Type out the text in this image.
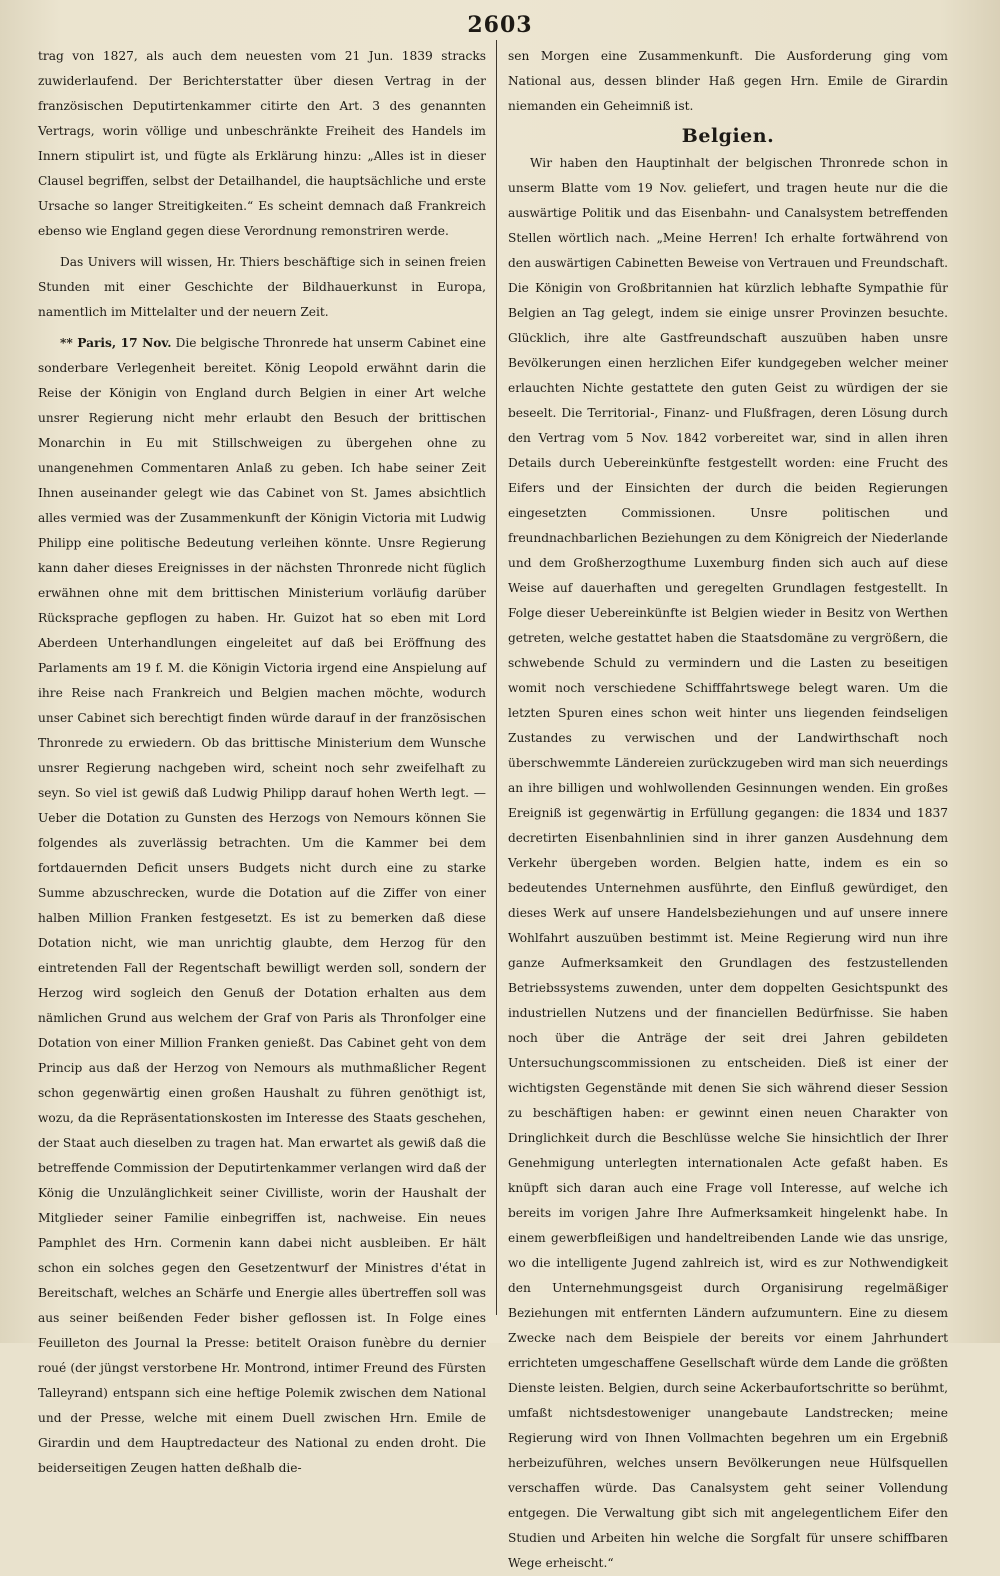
2603

trag von 1827, als auch dem neuesten vom 21 Jun. 1839 stracks zuwiderlaufend. Der Berichterstatter über diesen Vertrag in der französischen Deputirtenkammer citirte den Art. 3 des genannten Vertrags, worin völlige und unbeschränkte Freiheit des Handels im Innern stipulirt ist, und fügte als Erklärung hinzu: „Alles ist in dieser Clausel begriffen, selbst der Detailhandel, die hauptsächliche und erste Ursache so langer Streitigkeiten.“ Es scheint demnach daß Frankreich ebenso wie England gegen diese Verordnung remonstriren werde.

Das Univers will wissen, Hr. Thiers beschäftige sich in seinen freien Stunden mit einer Geschichte der Bildhauerkunst in Europa, namentlich im Mittelalter und der neuern Zeit.

** Paris, 17 Nov. Die belgische Thronrede hat unserm Cabinet eine sonderbare Verlegenheit bereitet. König Leopold erwähnt darin die Reise der Königin von England durch Belgien in einer Art welche unsrer Regierung nicht mehr erlaubt den Besuch der brittischen Monarchin in Eu mit Stillschweigen zu übergehen ohne zu unangenehmen Commentaren Anlaß zu geben. Ich habe seiner Zeit Ihnen auseinander gelegt wie das Cabinet von St. James absichtlich alles vermied was der Zusammenkunft der Königin Victoria mit Ludwig Philipp eine politische Bedeutung verleihen könnte. Unsre Regierung kann daher dieses Ereignisses in der nächsten Thronrede nicht füglich erwähnen ohne mit dem brittischen Ministerium vorläufig darüber Rücksprache gepflogen zu haben. Hr. Guizot hat so eben mit Lord Aberdeen Unterhandlungen eingeleitet auf daß bei Eröffnung des Parlaments am 19 f. M. die Königin Victoria irgend eine Anspielung auf ihre Reise nach Frankreich und Belgien machen möchte, wodurch unser Cabinet sich berechtigt finden würde darauf in der französischen Thronrede zu erwiedern. Ob das brittische Ministerium dem Wunsche unsrer Regierung nachgeben wird, scheint noch sehr zweifelhaft zu seyn. So viel ist gewiß daß Ludwig Philipp darauf hohen Werth legt. — Ueber die Dotation zu Gunsten des Herzogs von Nemours können Sie folgendes als zuverlässig betrachten. Um die Kammer bei dem fortdauernden Deficit unsers Budgets nicht durch eine zu starke Summe abzuschrecken, wurde die Dotation auf die Ziffer von einer halben Million Franken festgesetzt. Es ist zu bemerken daß diese Dotation nicht, wie man unrichtig glaubte, dem Herzog für den eintretenden Fall der Regentschaft bewilligt werden soll, sondern der Herzog wird sogleich den Genuß der Dotation erhalten aus dem nämlichen Grund aus welchem der Graf von Paris als Thronfolger eine Dotation von einer Million Franken genießt. Das Cabinet geht von dem Princip aus daß der Herzog von Nemours als muthmaßlicher Regent schon gegenwärtig einen großen Haushalt zu führen genöthigt ist, wozu, da die Repräsentationskosten im Interesse des Staats geschehen, der Staat auch dieselben zu tragen hat. Man erwartet als gewiß daß die betreffende Commission der Deputirtenkammer verlangen wird daß der König die Unzulänglichkeit seiner Civilliste, worin der Haushalt der Mitglieder seiner Familie einbegriffen ist, nachweise. Ein neues Pamphlet des Hrn. Cormenin kann dabei nicht ausbleiben. Er hält schon ein solches gegen den Gesetzentwurf der Ministres d'état in Bereitschaft, welches an Schärfe und Energie alles übertreffen soll was aus seiner beißenden Feder bisher geflossen ist. In Folge eines Feuilleton des Journal la Presse: betitelt Oraison funèbre du dernier roué (der jüngst verstorbene Hr. Montrond, intimer Freund des Fürsten Talleyrand) entspann sich eine heftige Polemik zwischen dem National und der Presse, welche mit einem Duell zwischen Hrn. Emile de Girardin und dem Hauptredacteur des National zu enden droht. Die beiderseitigen Zeugen hatten deßhalb die-

sen Morgen eine Zusammenkunft. Die Ausforderung ging vom National aus, dessen blinder Haß gegen Hrn. Emile de Girardin niemanden ein Geheimniß ist.

Belgien.

Wir haben den Hauptinhalt der belgischen Thronrede schon in unserm Blatte vom 19 Nov. geliefert, und tragen heute nur die die auswärtige Politik und das Eisenbahn- und Canalsystem betreffenden Stellen wörtlich nach. „Meine Herren! Ich erhalte fortwährend von den auswärtigen Cabinetten Beweise von Vertrauen und Freundschaft. Die Königin von Großbritannien hat kürzlich lebhafte Sympathie für Belgien an Tag gelegt, indem sie einige unsrer Provinzen besuchte. Glücklich, ihre alte Gastfreundschaft auszuüben haben unsre Bevölkerungen einen herzlichen Eifer kundgegeben welcher meiner erlauchten Nichte gestattete den guten Geist zu würdigen der sie beseelt. Die Territorial-, Finanz- und Flußfragen, deren Lösung durch den Vertrag vom 5 Nov. 1842 vorbereitet war, sind in allen ihren Details durch Uebereinkünfte festgestellt worden: eine Frucht des Eifers und der Einsichten der durch die beiden Regierungen eingesetzten Commissionen. Unsre politischen und freundnachbarlichen Beziehungen zu dem Königreich der Niederlande und dem Großherzogthume Luxemburg finden sich auch auf diese Weise auf dauerhaften und geregelten Grundlagen festgestellt. In Folge dieser Uebereinkünfte ist Belgien wieder in Besitz von Werthen getreten, welche gestattet haben die Staatsdomäne zu vergrößern, die schwebende Schuld zu vermindern und die Lasten zu beseitigen womit noch verschiedene Schifffahrtswege belegt waren. Um die letzten Spuren eines schon weit hinter uns liegenden feindseligen Zustandes zu verwischen und der Landwirthschaft noch überschwemmte Ländereien zurückzugeben wird man sich neuerdings an ihre billigen und wohlwollenden Gesinnungen wenden. Ein großes Ereigniß ist gegenwärtig in Erfüllung gegangen: die 1834 und 1837 decretirten Eisenbahnlinien sind in ihrer ganzen Ausdehnung dem Verkehr übergeben worden. Belgien hatte, indem es ein so bedeutendes Unternehmen ausführte, den Einfluß gewürdiget, den dieses Werk auf unsere Handelsbeziehungen und auf unsere innere Wohlfahrt auszuüben bestimmt ist. Meine Regierung wird nun ihre ganze Aufmerksamkeit den Grundlagen des festzustellenden Betriebssystems zuwenden, unter dem doppelten Gesichtspunkt des industriellen Nutzens und der financiellen Bedürfnisse. Sie haben noch über die Anträge der seit drei Jahren gebildeten Untersuchungscommissionen zu entscheiden. Dieß ist einer der wichtigsten Gegenstände mit denen Sie sich während dieser Session zu beschäftigen haben: er gewinnt einen neuen Charakter von Dringlichkeit durch die Beschlüsse welche Sie hinsichtlich der Ihrer Genehmigung unterlegten internationalen Acte gefaßt haben. Es knüpft sich daran auch eine Frage voll Interesse, auf welche ich bereits im vorigen Jahre Ihre Aufmerksamkeit hingelenkt habe. In einem gewerbfleißigen und handeltreibenden Lande wie das unsrige, wo die intelligente Jugend zahlreich ist, wird es zur Nothwendigkeit den Unternehmungsgeist durch Organisirung regelmäßiger Beziehungen mit entfernten Ländern aufzumuntern. Eine zu diesem Zwecke nach dem Beispiele der bereits vor einem Jahrhundert errichteten umgeschaffene Gesellschaft würde dem Lande die größten Dienste leisten. Belgien, durch seine Ackerbaufortschritte so berühmt, umfaßt nichtsdestoweniger unangebaute Landstrecken; meine Regierung wird von Ihnen Vollmachten begehren um ein Ergebniß herbeizuführen, welches unsern Bevölkerungen neue Hülfsquellen verschaffen würde. Das Canalsystem geht seiner Vollendung entgegen. Die Verwaltung gibt sich mit angelegentlichem Eifer den Studien und Arbeiten hin welche die Sorgfalt für unsere schiffbaren Wege erheischt.“
